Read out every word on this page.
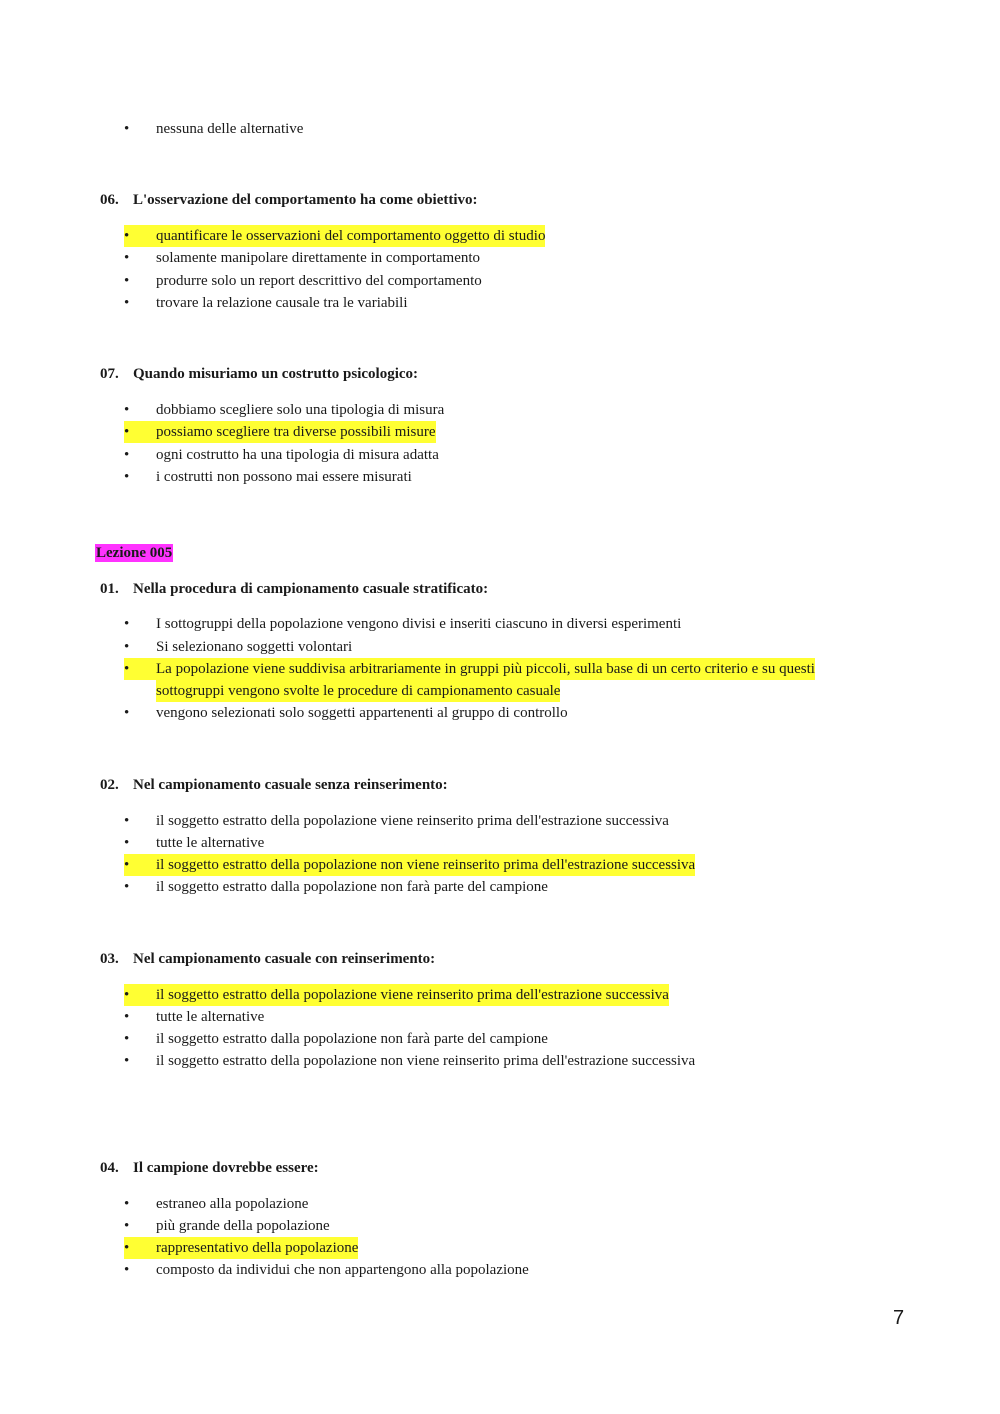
•	nessuna delle alternative
06. L'osservazione del comportamento ha come obiettivo:
•	quantificare le osservazioni del comportamento oggetto di studio
•	solamente manipolare direttamente in comportamento
•	produrre solo un report descrittivo del comportamento
•	trovare la relazione causale tra le variabili
07. Quando misuriamo un costrutto psicologico:
•	dobbiamo scegliere solo una tipologia di misura
•	possiamo scegliere tra diverse possibili misure
•	ogni costrutto ha una tipologia di misura adatta
•	i costrutti non possono mai essere misurati
Lezione 005
01. Nella procedura di campionamento casuale stratificato:
•	I sottogruppi della popolazione vengono divisi e inseriti ciascuno in diversi esperimenti
•	Si selezionano soggetti volontari
•	La popolazione viene suddivisa arbitrariamente in gruppi più piccoli, sulla base di un certo criterio e su questi
sottogruppi vengono svolte le procedure di campionamento casuale
•	vengono selezionati solo soggetti appartenenti al gruppo di controllo
02. Nel campionamento casuale senza reinserimento:
•	il soggetto estratto della popolazione viene reinserito prima dell'estrazione successiva
•	tutte le alternative
•	il soggetto estratto della popolazione non viene reinserito prima dell'estrazione successiva
•	il soggetto estratto dalla popolazione non farà parte del campione
03. Nel campionamento casuale con reinserimento:
•	il soggetto estratto della popolazione viene reinserito prima dell'estrazione successiva
•	tutte le alternative
•	il soggetto estratto dalla popolazione non farà parte del campione
•	il soggetto estratto della popolazione non viene reinserito prima dell'estrazione successiva
04. Il campione dovrebbe essere:
•	estraneo alla popolazione
•	più grande della popolazione
•	rappresentativo della popolazione
•	composto da individui che non appartengono alla popolazione
7
